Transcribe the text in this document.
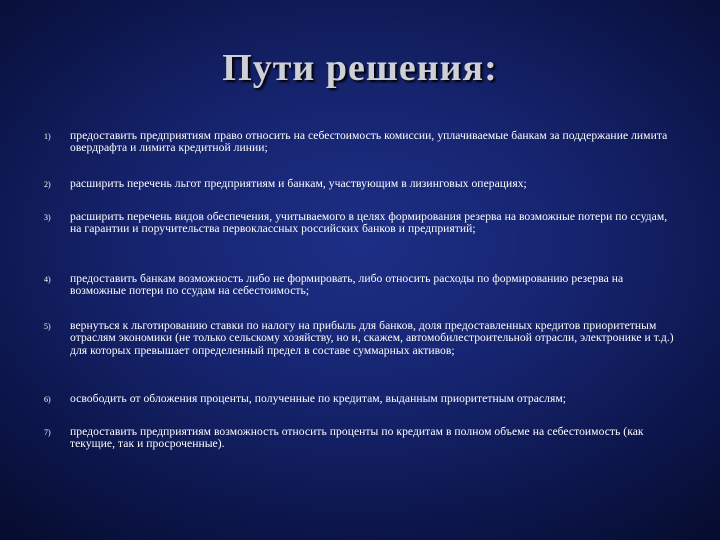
Пути решения:
1)	предоставить предприятиям право относить на себестоимость комиссии, уплачиваемые банкам за поддержание лимита овердрафта и лимита кредитной линии;
2)	расширить перечень льгот предприятиям и банкам, участвующим в лизинговых операциях;
3)	расширить перечень видов обеспечения, учитываемого в целях формирования резерва на возможные потери по ссудам, на гарантии и поручительства первоклассных российских банков и предприятий;
4)	предоставить банкам возможность либо не формировать, либо относить расходы по формированию резерва на возможные потери по ссудам на себестоимость;
5)	вернуться к льготированию ставки по налогу на прибыль для банков, доля предоставленных кредитов приоритетным отраслям экономики (не только сельскому хозяйству, но и, скажем, автомобилестроительной отрасли, электронике и т.д.) для которых превышает определенный предел в составе суммарных активов;
6)	освободить от обложения проценты, полученные по кредитам, выданным приоритетным отраслям;
7)	предоставить предприятиям возможность относить проценты по кредитам в полном объеме на себестоимость (как текущие, так и просроченные).
